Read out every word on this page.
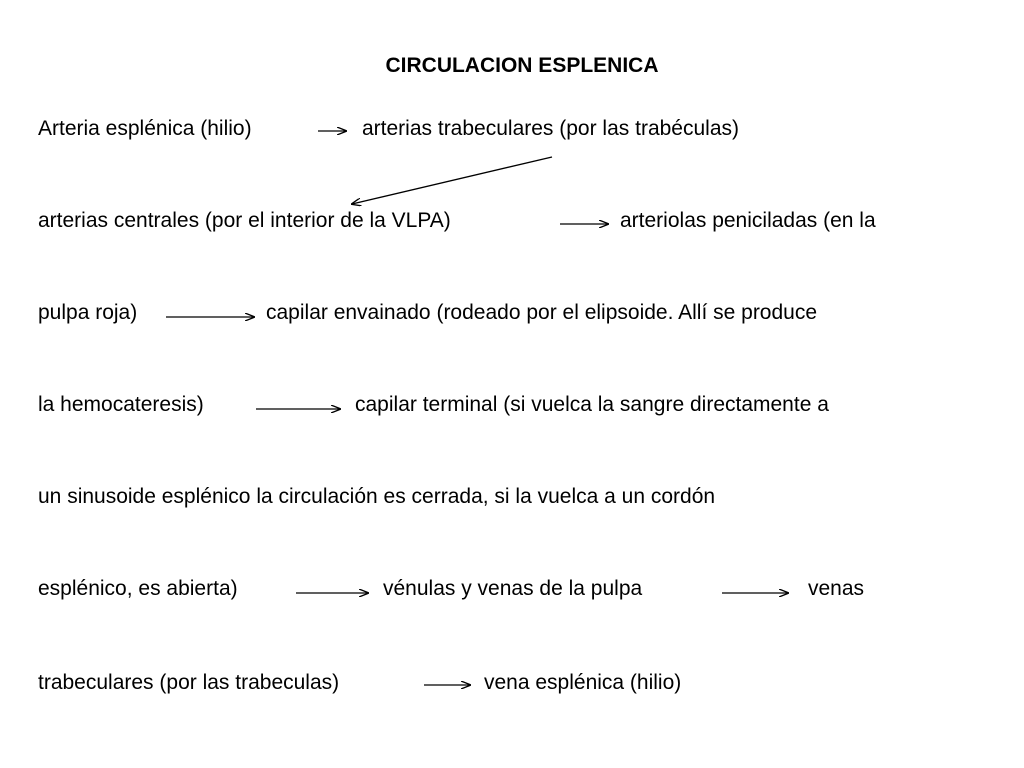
CIRCULACION ESPLENICA
Arteria esplénica (hilio)	arterias trabeculares (por las trabéculas)
arterias centrales (por el interior de la VLPA)	arteriolas peniciladas (en la
pulpa roja)	capilar envainado (rodeado por el elipsoide. Allí se produce
la hemocateresis)	capilar terminal (si vuelca la sangre directamente a
un sinusoide esplénico la circulación es cerrada, si la vuelca a un cordón
esplénico, es abierta)	vénulas y venas de la pulpa	venas
trabeculares (por las trabeculas)	vena esplénica (hilio)
